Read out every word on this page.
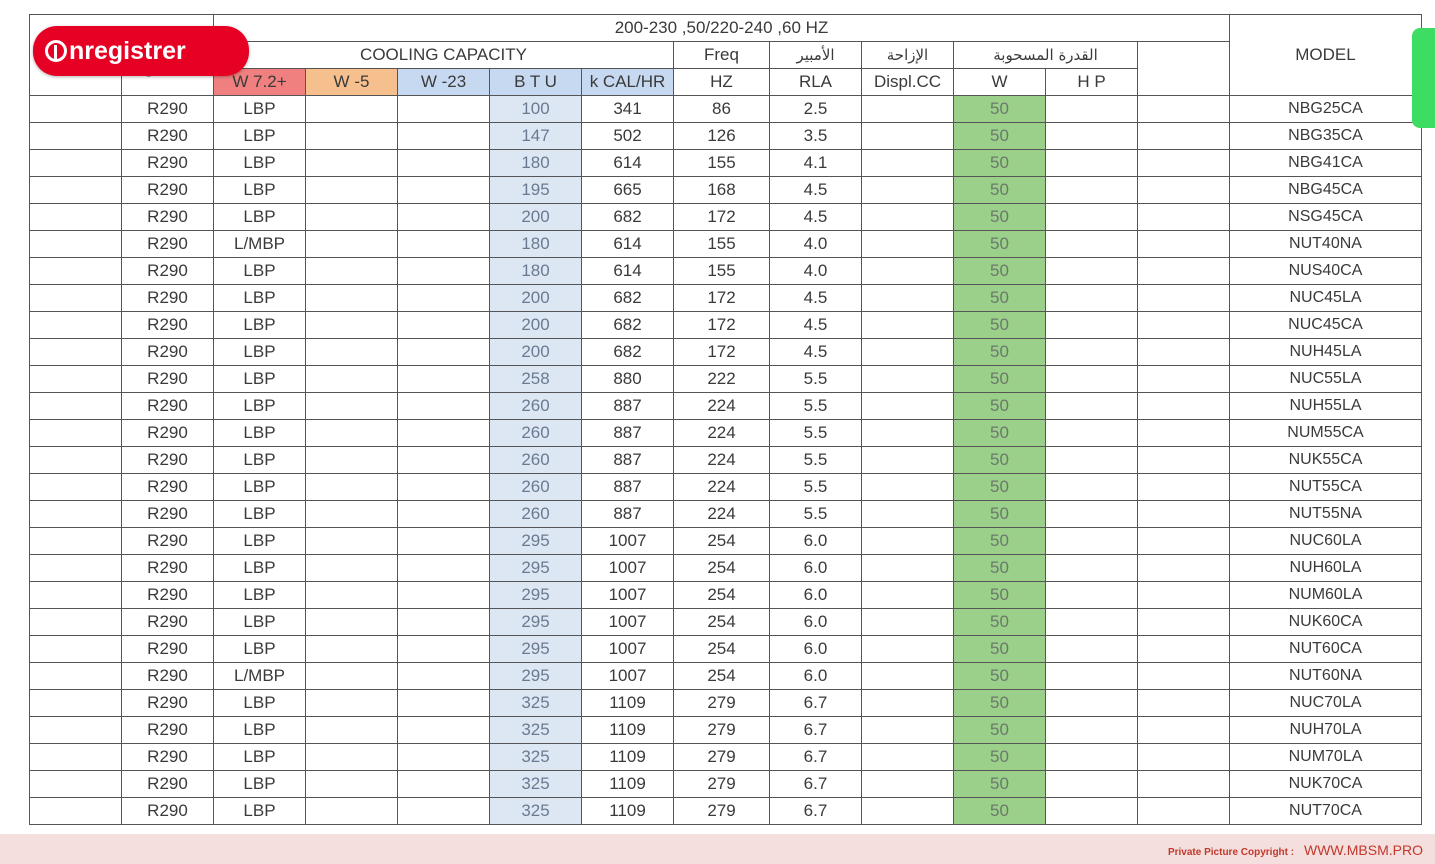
		200-230 ,50/220-240 ,60 HZ											MODEL
		COOLING CAPACITY					Freq	الأمبير	الإزاحة	القدرة المسحوبة			
		W 7.2+	W -5	W -23	B T U	k CAL/HR	HZ	RLA	Displ.CC	W	H P		
	R290	LBP			100	341	86	2.5		50			NBG25CA
	R290	LBP			147	502	126	3.5		50			NBG35CA
	R290	LBP			180	614	155	4.1		50			NBG41CA
	R290	LBP			195	665	168	4.5		50			NBG45CA
	R290	LBP			200	682	172	4.5		50			NSG45CA
	R290	L/MBP			180	614	155	4.0		50			NUT40NA
	R290	LBP			180	614	155	4.0		50			NUS40CA
	R290	LBP			200	682	172	4.5		50			NUC45LA
	R290	LBP			200	682	172	4.5		50			NUC45CA
	R290	LBP			200	682	172	4.5		50			NUH45LA
	R290	LBP			258	880	222	5.5		50			NUC55LA
	R290	LBP			260	887	224	5.5		50			NUH55LA
	R290	LBP			260	887	224	5.5		50			NUM55CA
	R290	LBP			260	887	224	5.5		50			NUK55CA
	R290	LBP			260	887	224	5.5		50			NUT55CA
	R290	LBP			260	887	224	5.5		50			NUT55NA
	R290	LBP			295	1007	254	6.0		50			NUC60LA
	R290	LBP			295	1007	254	6.0		50			NUH60LA
	R290	LBP			295	1007	254	6.0		50			NUM60LA
	R290	LBP			295	1007	254	6.0		50			NUK60CA
	R290	LBP			295	1007	254	6.0		50			NUT60CA
	R290	L/MBP			295	1007	254	6.0		50			NUT60NA
	R290	LBP			325	1109	279	6.7		50			NUC70LA
	R290	LBP			325	1109	279	6.7		50			NUH70LA
	R290	LBP			325	1109	279	6.7		50			NUM70LA
	R290	LBP			325	1109	279	6.7		50			NUK70CA
	R290	LBP			325	1109	279	6.7		50			NUT70CA
nregistrer
Private Picture Copyright : WWW.MBSM.PRO
